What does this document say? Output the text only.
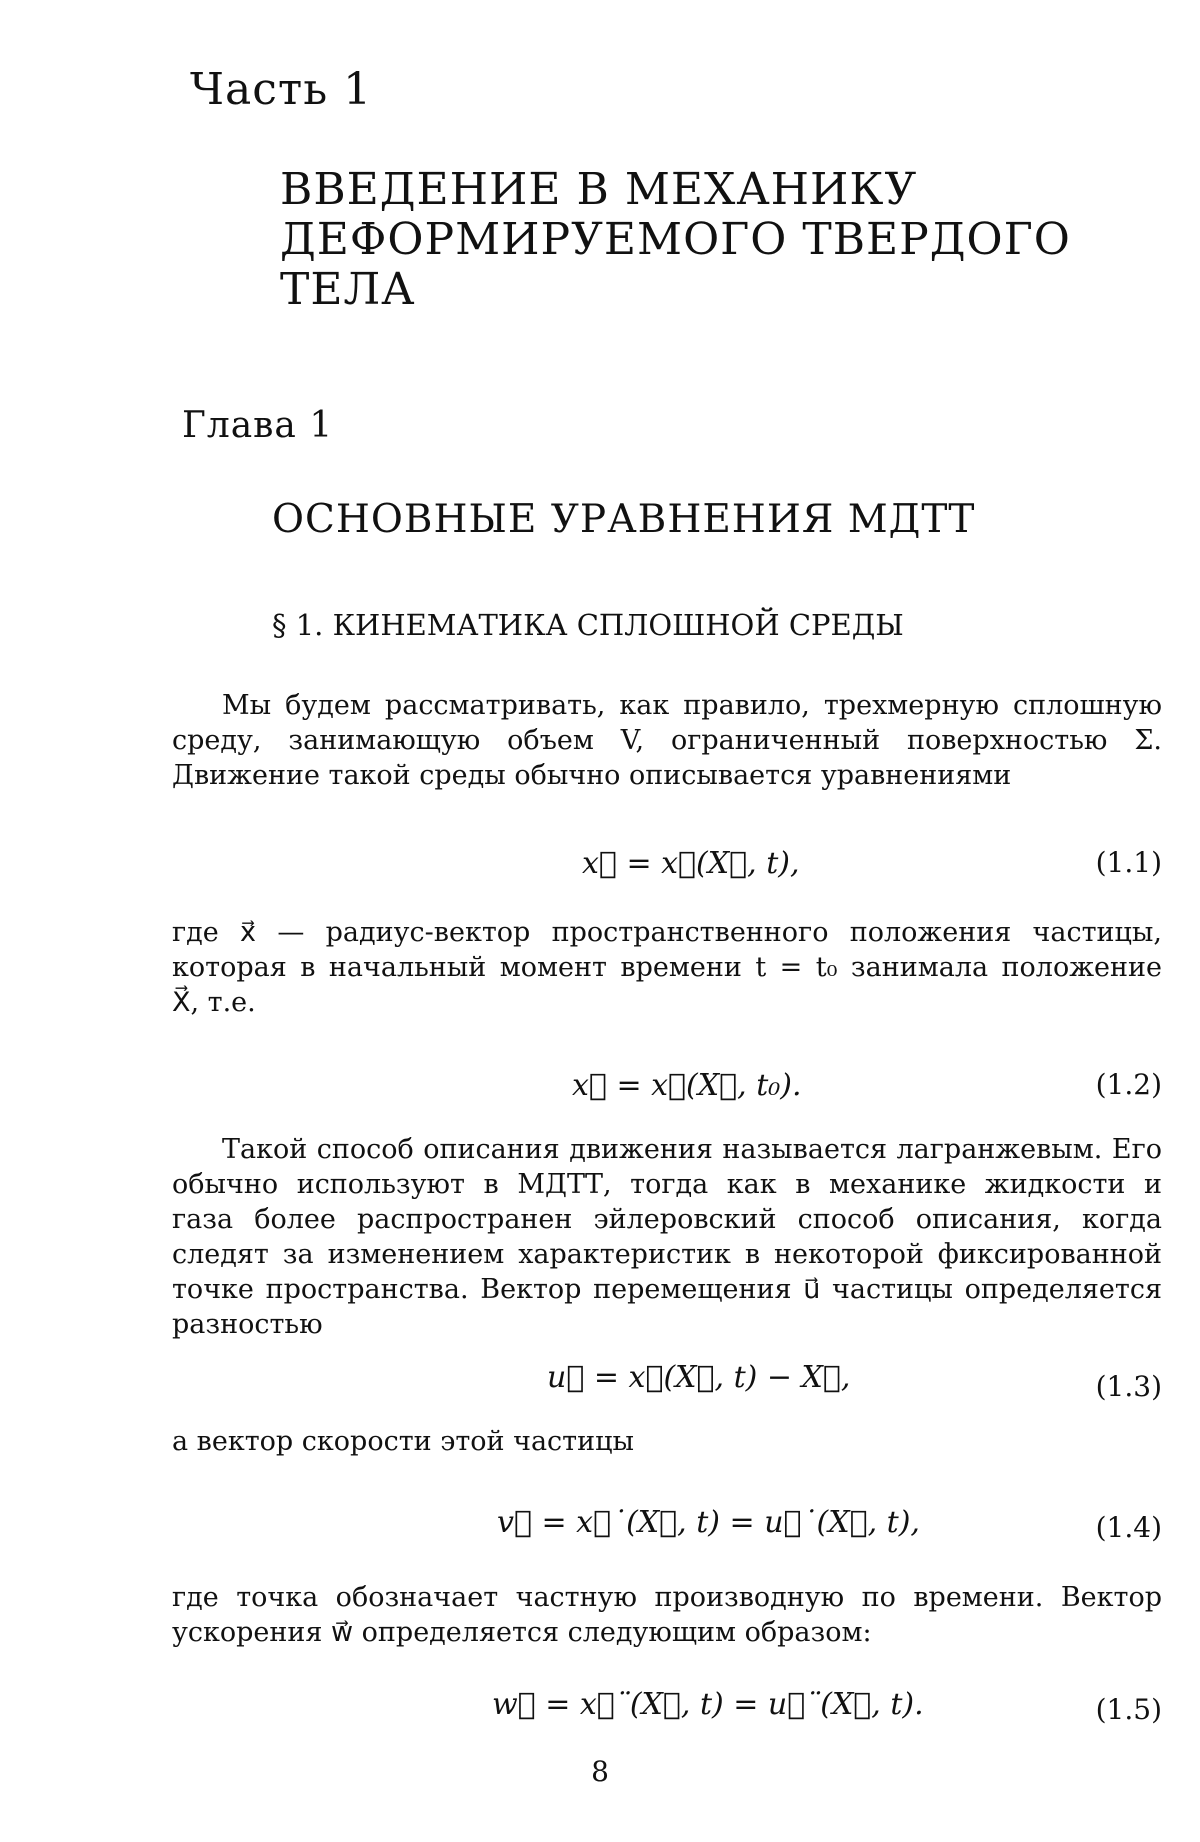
Часть 1
ВВЕДЕНИЕ В МЕХАНИКУ
ДЕФОРМИРУЕМОГО ТВЕРДОГО
ТЕЛА
Глава 1
ОСНОВНЫЕ УРАВНЕНИЯ МДТТ
§ 1. КИНЕМАТИКА СПЛОШНОЙ СРЕДЫ
Мы будем рассматривать, как правило, трехмерную сплошную
среду, занимающую объем V, ограниченный поверхностью Σ.
Движение такой среды обычно описывается уравнениями
x⃗ = x⃗(X⃗, t),	(1.1)
где x⃗ — радиус-вектор пространственного положения частицы,
которая в начальный момент времени t = t₀ занимала положение
X⃗, т.е.
x⃗ = x⃗(X⃗, t₀).	(1.2)
Такой способ описания движения называется лагранжевым. Его
обычно используют в МДТТ, тогда как в механике жидкости и
газа более распространен эйлеровский способ описания, когда
следят за изменением характеристик в некоторой фиксированной
точке пространства. Вектор перемещения u⃗ частицы определяется
разностью
u⃗ = x⃗(X⃗, t) − X⃗,	(1.3)
а вектор скорости этой частицы
v⃗ = x⃗˙(X⃗, t) = u⃗˙(X⃗, t),	(1.4)
где точка обозначает частную производную по времени. Вектор
ускорения w⃗ определяется следующим образом:
w⃗ = x⃗¨(X⃗, t) = u⃗¨(X⃗, t).	(1.5)
8
